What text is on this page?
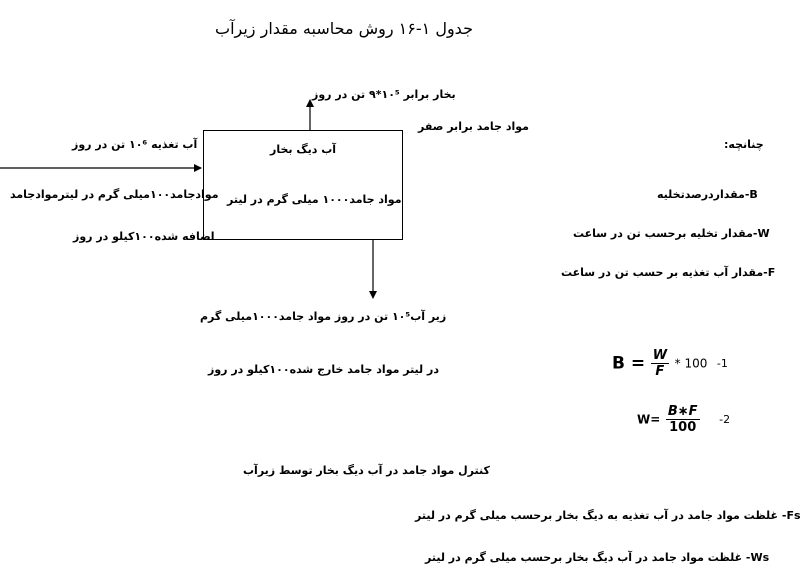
جدول ۱-۱۶ روش محاسبه مقدار زیرآب
آب دیگ بخار
مواد جامد۱۰۰۰ میلی گرم در لیتر
بخار برابر ۱۰⁵*۹ تن در روز
مواد جامد برابر صفر
آب تغذیه ۱۰⁶ تن در روز
موادجامد۱۰۰میلی گرم در لیترموادجامد
اضافه شده۱۰۰کیلو در روز
زیر آب۱۰⁵ تن در روز مواد جامد۱۰۰۰میلی گرم
در لیتر مواد جامد خارج شده۱۰۰کیلو در روز
چنانچه:
B-مقداردرصدتخلیه
W-مقدار تخلیه برحسب تن در ساعت
F-مقدار آب تغذیه بر حسب تن در ساعت
$B = \frac{W}{F} * 100$ -1
$W= \frac{B∗F}{100} -2$
کنترل مواد جامد در آب دیگ بخار توسط زیرآب
Fs- غلظت مواد جامد در آب تغذیه به دیگ بخار برحسب میلی گرم در لیتر
Ws- غلظت مواد جامد در آب دیگ بخار برحسب میلی گرم در لیتر
